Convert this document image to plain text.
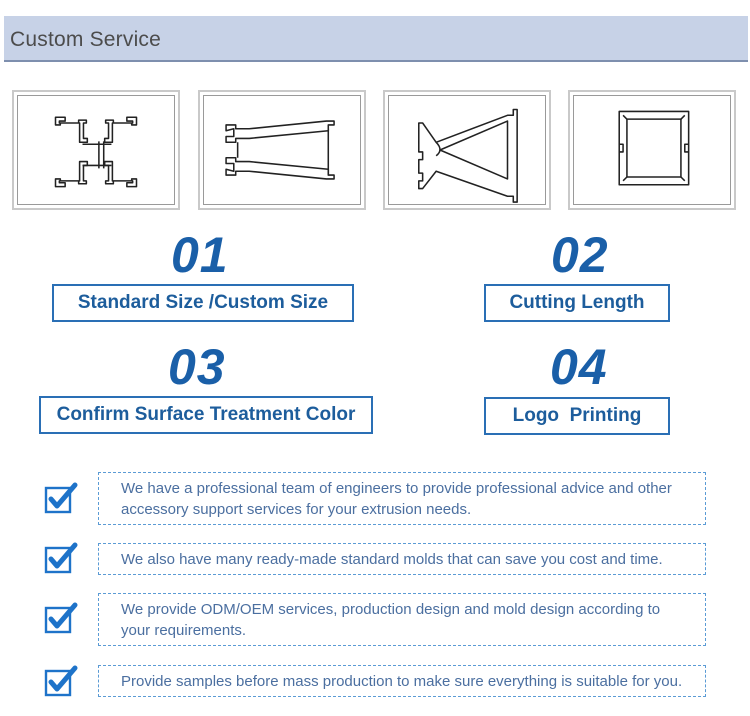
Custom Service
01
Standard Size /Custom Size
02
Cutting Length
03
Confirm Surface Treatment Color
04
Logo  Printing
We have a professional team of engineers to provide professional advice and other accessory support services for your extrusion needs.
We also have many ready-made standard molds that can save you cost and time.
We provide ODM/OEM services, production design and mold design according to your requirements.
Provide samples before mass production to make sure everything is suitable for you.
